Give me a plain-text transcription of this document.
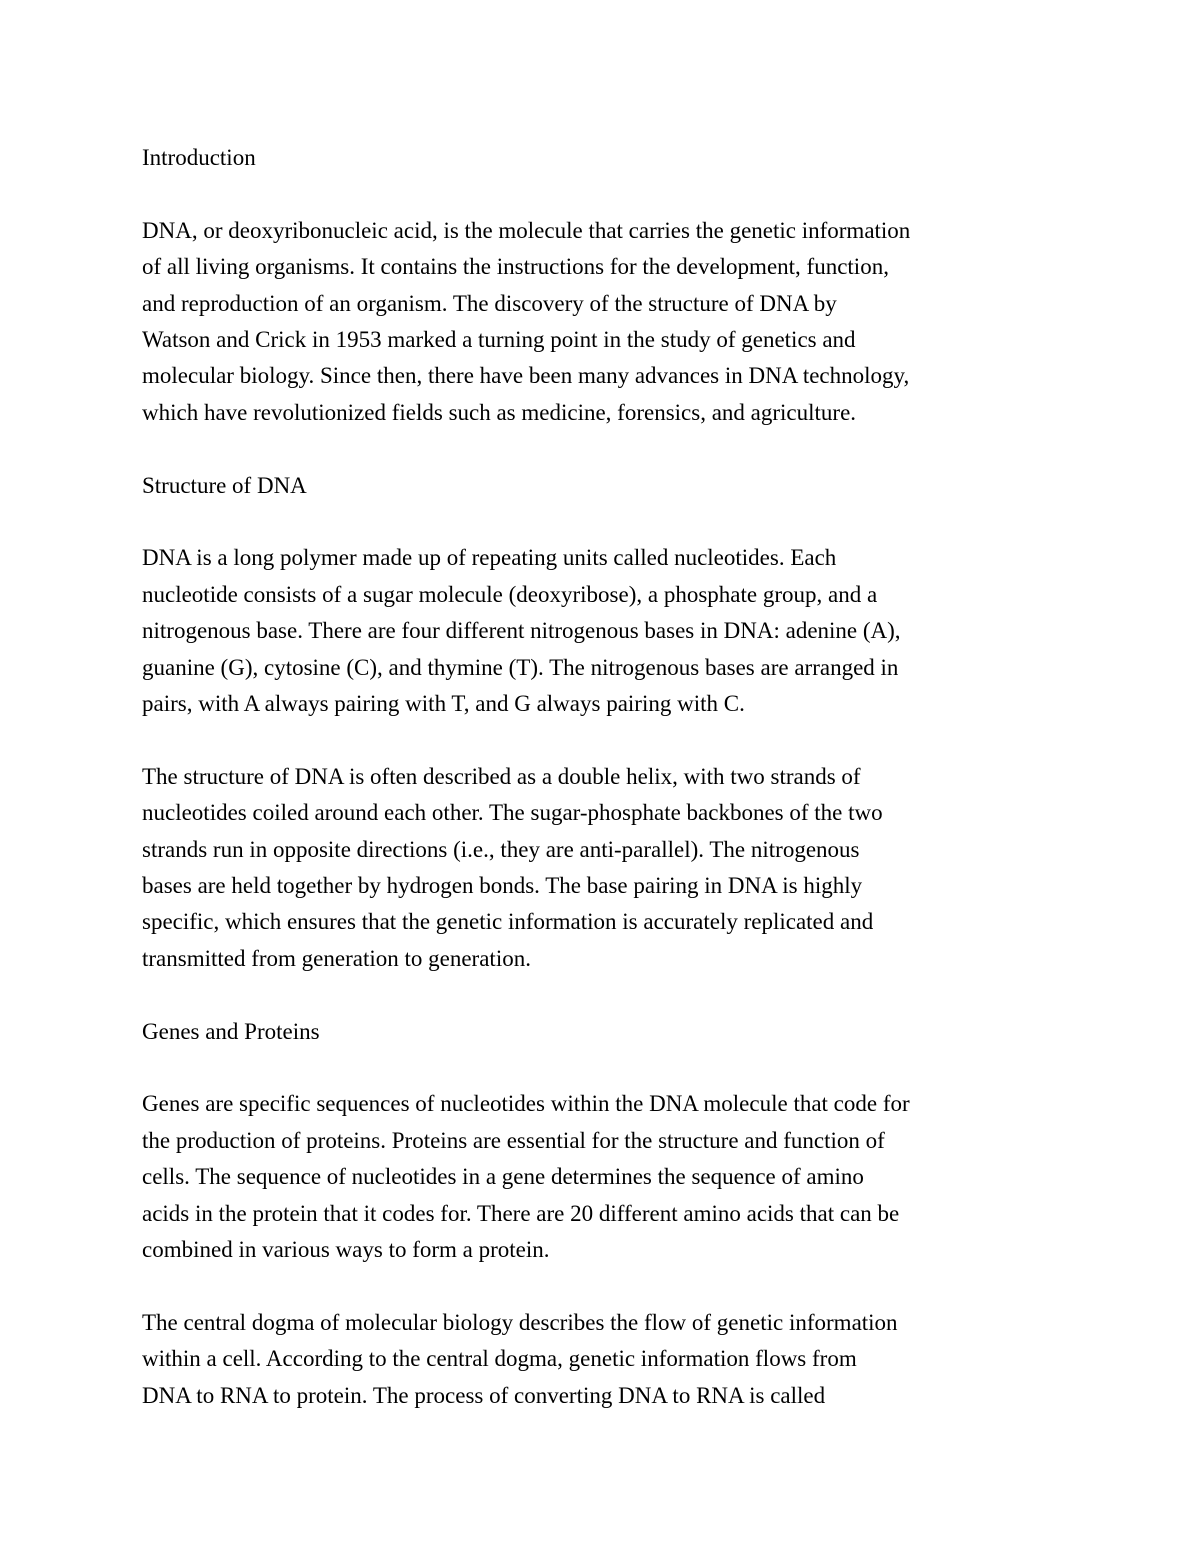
Introduction

DNA, or deoxyribonucleic acid, is the molecule that carries the genetic information
of all living organisms. It contains the instructions for the development, function,
and reproduction of an organism. The discovery of the structure of DNA by
Watson and Crick in 1953 marked a turning point in the study of genetics and
molecular biology. Since then, there have been many advances in DNA technology,
which have revolutionized fields such as medicine, forensics, and agriculture.

Structure of DNA

DNA is a long polymer made up of repeating units called nucleotides. Each
nucleotide consists of a sugar molecule (deoxyribose), a phosphate group, and a
nitrogenous base. There are four different nitrogenous bases in DNA: adenine (A),
guanine (G), cytosine (C), and thymine (T). The nitrogenous bases are arranged in
pairs, with A always pairing with T, and G always pairing with C.

The structure of DNA is often described as a double helix, with two strands of
nucleotides coiled around each other. The sugar-phosphate backbones of the two
strands run in opposite directions (i.e., they are anti-parallel). The nitrogenous
bases are held together by hydrogen bonds. The base pairing in DNA is highly
specific, which ensures that the genetic information is accurately replicated and
transmitted from generation to generation.

Genes and Proteins

Genes are specific sequences of nucleotides within the DNA molecule that code for
the production of proteins. Proteins are essential for the structure and function of
cells. The sequence of nucleotides in a gene determines the sequence of amino
acids in the protein that it codes for. There are 20 different amino acids that can be
combined in various ways to form a protein.

The central dogma of molecular biology describes the flow of genetic information
within a cell. According to the central dogma, genetic information flows from
DNA to RNA to protein. The process of converting DNA to RNA is called
